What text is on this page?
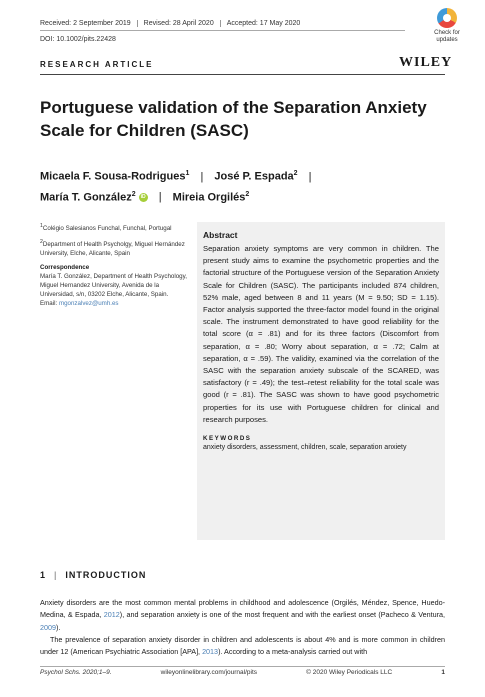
Received: 2 September 2019	Revised: 28 April 2020	Accepted: 17 May 2020
DOI: 10.1002/pits.22428
Check for
updates
RESEARCH ARTICLE	WILEY
Portuguese validation of the Separation Anxiety Scale for Children (SASC)
Micaela F. Sousa-Rodrigues$^1$ | José P. Espada$^2$ |
María T. González$^2$ iD | Mireia Orgilés$^2$

$^1$Colégio Salesianos Funchal, Funchal, Portugal

$^2$Department of Health Psycholgy, Miguel Hernández University, Elche, Alicante, Spain

Correspondence
María T. González, Department of Health Psychology, Miguel Hernandez University, Avenida de la Universidad, s/n, 03202 Elche, Alicante, Spain.
Email: mgonzalvez@umh.es

Abstract
Separation anxiety symptoms are very common in children. The present study aims to examine the psychometric properties and the factorial structure of the Portuguese version of the Separation Anxiety Scale for Children (SASC). The participants included 874 children, 52% male, aged between 8 and 11 years (M = 9.50; SD = 1.15). Factor analysis supported the three-factor model found in the original scale. The instrument demonstrated to have good reliability for the total score (α = .81) and for its three factors (Discomfort from separation, α = .80; Worry about separation, α = .72; Calm at separation, α = .59). The validity, examined via the correlation of the SASC with the separation anxiety subscale of the SCARED, was satisfactory (r = .49); the test–retest reliability for the total scale was good (r = .81). The SASC was shown to have good psychometric properties for its use with Portuguese children for clinical and research purposes.
KEYWORDS
anxiety disorders, assessment, children, scale, separation anxiety
1 | INTRODUCTION
Anxiety disorders are the most common mental problems in childhood and adolescence (Orgilés, Méndez, Spence, Huedo-Medina, & Espada, 2012), and separation anxiety is one of the most frequent and with the earliest onset (Pacheco & Ventura, 2009).
The prevalence of separation anxiety disorder in children and adolescents is about 4% and is more common in children under 12 (American Psychiatric Association [APA], 2013). According to a meta-analysis carried out with
Psychol Schs. 2020;1–9.	wileyonlinelibrary.com/journal/pits	© 2020 Wiley Periodicals LLC	1
